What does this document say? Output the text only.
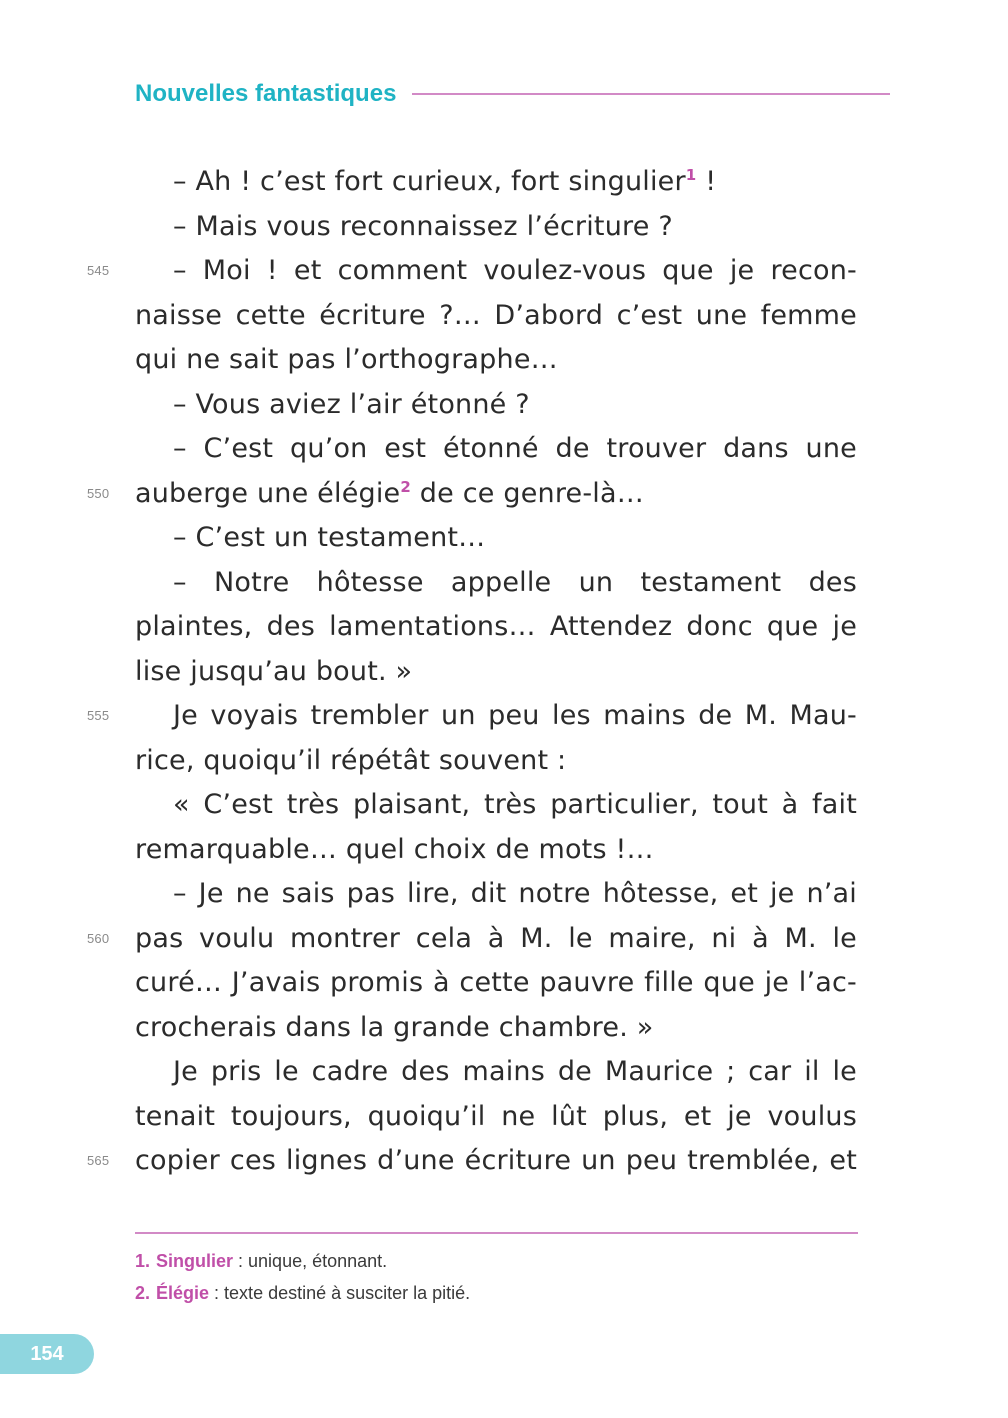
Nouvelles fantastiques
– Ah ! c’est fort curieux, fort singulier$^1$ !
– Mais vous reconnaissez l’écriture ?
545 – Moi ! et comment voulez-vous que je recon-
naisse cette écriture ?… D’abord c’est une femme
qui ne sait pas l’orthographe…
– Vous aviez l’air étonné ?
– C’est qu’on est étonné de trouver dans une
550 auberge une élégie$^2$ de ce genre-là…
– C’est un testament…
– Notre hôtesse appelle un testament des
plaintes, des lamentations… Attendez donc que je
lise jusqu’au bout. »
555 Je voyais trembler un peu les mains de M. Mau-
rice, quoiqu’il répétât souvent :
« C’est très plaisant, très particulier, tout à fait
remarquable… quel choix de mots !…
– Je ne sais pas lire, dit notre hôtesse, et je n’ai
560 pas voulu montrer cela à M. le maire, ni à M. le
curé… J’avais promis à cette pauvre fille que je l’ac-
crocherais dans la grande chambre. »
Je pris le cadre des mains de Maurice ; car il le
tenait toujours, quoiqu’il ne lût plus, et je voulus
565 copier ces lignes d’une écriture un peu tremblée, et
1. Singulier : unique, étonnant.
2. Élégie : texte destiné à susciter la pitié.
154
